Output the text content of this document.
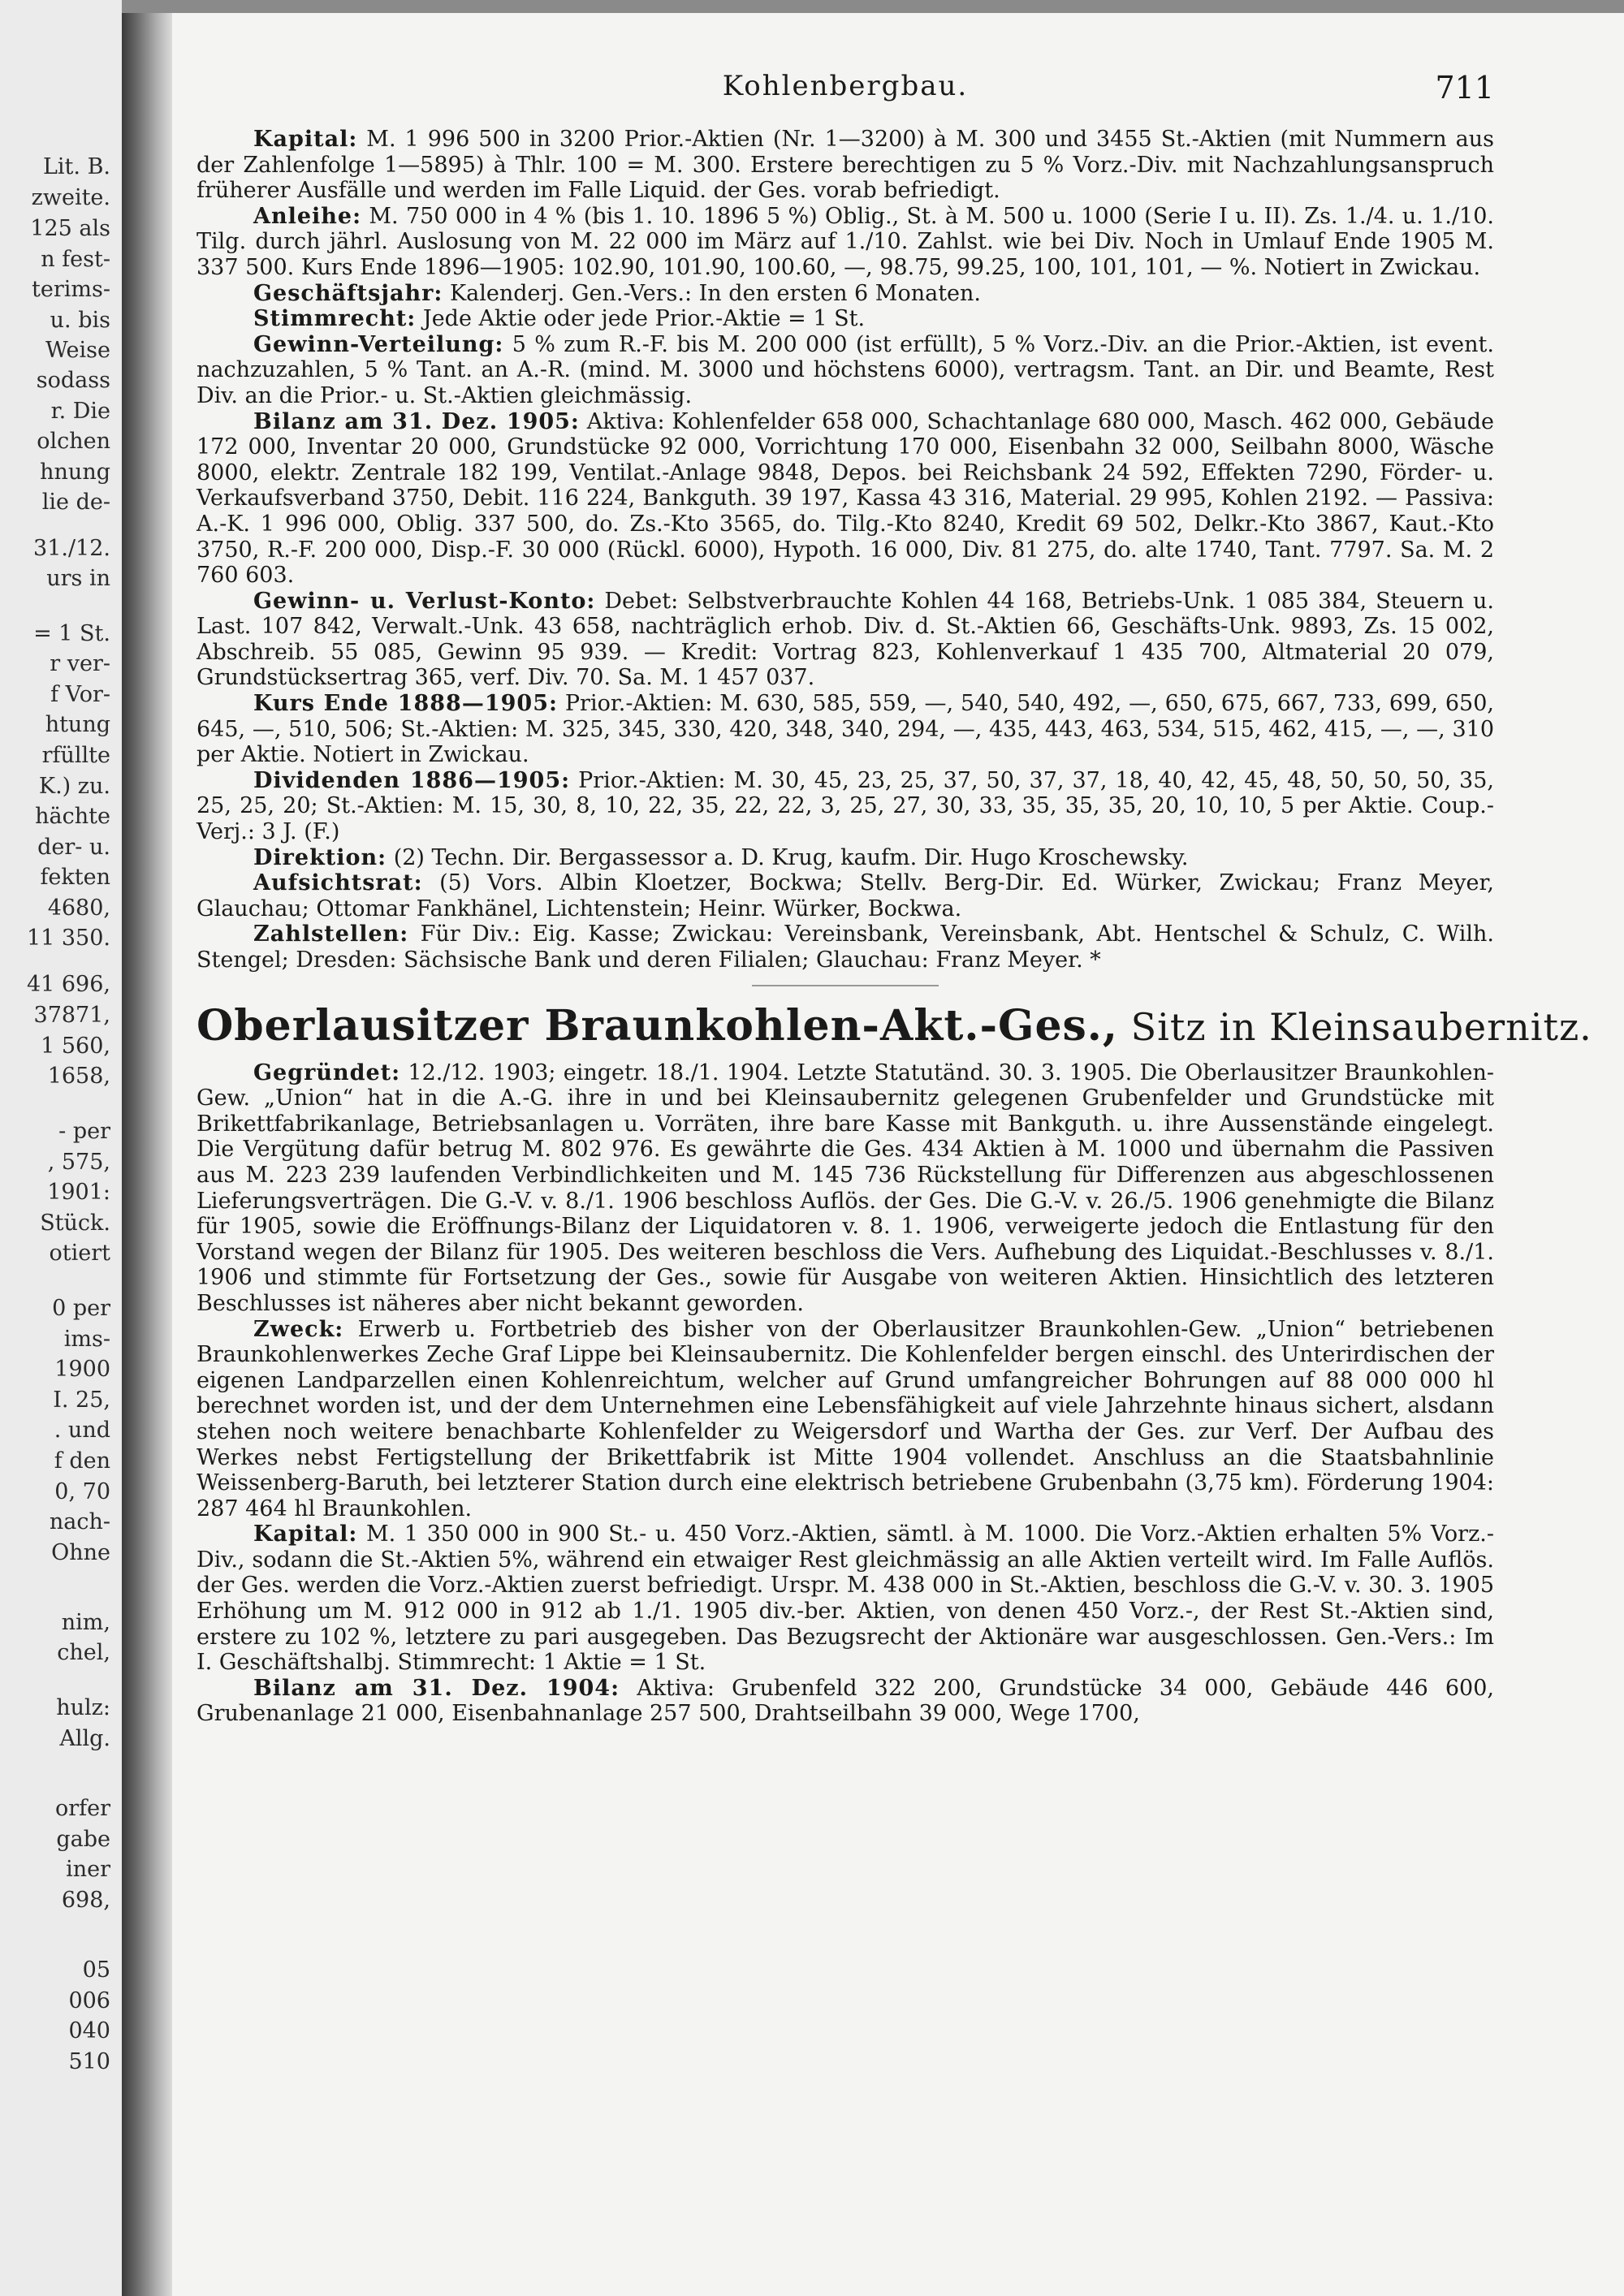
Lit. B.
zweite.
125 als
n fest-
terims-
u. bis
Weise
sodass
r. Die
olchen
hnung
lie de-
31./12.
urs in
= 1 St.
r ver-
f Vor-
htung
rfüllte
K.) zu.
hächte
der- u.
fekten
4680,
11 350.
41 696,
37871,
1 560,
1658,
- per
, 575,
1901:
Stück.
otiert
0 per
ims-
1900
I. 25,
. und
f den
0, 70
nach-
Ohne
nim,
chel,
hulz:
Allg.
orfer
gabe
iner
698,
05
006
040
510
Kohlenbergbau.	711

Kapital: M. 1 996 500 in 3200 Prior.-Aktien (Nr. 1—3200) à M. 300 und 3455 St.-Aktien (mit Nummern aus der Zahlenfolge 1—5895) à Thlr. 100 = M. 300. Erstere berechtigen zu 5 % Vorz.-Div. mit Nachzahlungsanspruch früherer Ausfälle und werden im Falle Liquid. der Ges. vorab befriedigt.

Anleihe: M. 750 000 in 4 % (bis 1. 10. 1896 5 %) Oblig., St. à M. 500 u. 1000 (Serie I u. II). Zs. 1./4. u. 1./10. Tilg. durch jährl. Auslosung von M. 22 000 im März auf 1./10. Zahlst. wie bei Div. Noch in Umlauf Ende 1905 M. 337 500. Kurs Ende 1896—1905: 102.90, 101.90, 100.60, —, 98.75, 99.25, 100, 101, 101, — %. Notiert in Zwickau.

Geschäftsjahr: Kalenderj. Gen.-Vers.: In den ersten 6 Monaten.

Stimmrecht: Jede Aktie oder jede Prior.-Aktie = 1 St.

Gewinn-Verteilung: 5 % zum R.-F. bis M. 200 000 (ist erfüllt), 5 % Vorz.-Div. an die Prior.-Aktien, ist event. nachzuzahlen, 5 % Tant. an A.-R. (mind. M. 3000 und höchstens 6000), vertragsm. Tant. an Dir. und Beamte, Rest Div. an die Prior.- u. St.-Aktien gleichmässig.

Bilanz am 31. Dez. 1905: Aktiva: Kohlenfelder 658 000, Schachtanlage 680 000, Masch. 462 000, Gebäude 172 000, Inventar 20 000, Grundstücke 92 000, Vorrichtung 170 000, Eisenbahn 32 000, Seilbahn 8000, Wäsche 8000, elektr. Zentrale 182 199, Ventilat.-Anlage 9848, Depos. bei Reichsbank 24 592, Effekten 7290, Förder- u. Verkaufsverband 3750, Debit. 116 224, Bankguth. 39 197, Kassa 43 316, Material. 29 995, Kohlen 2192. — Passiva: A.-K. 1 996 000, Oblig. 337 500, do. Zs.-Kto 3565, do. Tilg.-Kto 8240, Kredit 69 502, Delkr.-Kto 3867, Kaut.-Kto 3750, R.-F. 200 000, Disp.-F. 30 000 (Rückl. 6000), Hypoth. 16 000, Div. 81 275, do. alte 1740, Tant. 7797. Sa. M. 2 760 603.

Gewinn- u. Verlust-Konto: Debet: Selbstverbrauchte Kohlen 44 168, Betriebs-Unk. 1 085 384, Steuern u. Last. 107 842, Verwalt.-Unk. 43 658, nachträglich erhob. Div. d. St.-Aktien 66, Geschäfts-Unk. 9893, Zs. 15 002, Abschreib. 55 085, Gewinn 95 939. — Kredit: Vortrag 823, Kohlenverkauf 1 435 700, Altmaterial 20 079, Grundstücksertrag 365, verf. Div. 70. Sa. M. 1 457 037.

Kurs Ende 1888—1905: Prior.-Aktien: M. 630, 585, 559, —, 540, 540, 492, —, 650, 675, 667, 733, 699, 650, 645, —, 510, 506; St.-Aktien: M. 325, 345, 330, 420, 348, 340, 294, —, 435, 443, 463, 534, 515, 462, 415, —, —, 310 per Aktie. Notiert in Zwickau.

Dividenden 1886—1905: Prior.-Aktien: M. 30, 45, 23, 25, 37, 50, 37, 37, 18, 40, 42, 45, 48, 50, 50, 50, 35, 25, 25, 20; St.-Aktien: M. 15, 30, 8, 10, 22, 35, 22, 22, 3, 25, 27, 30, 33, 35, 35, 35, 20, 10, 10, 5 per Aktie. Coup.-Verj.: 3 J. (F.)

Direktion: (2) Techn. Dir. Bergassessor a. D. Krug, kaufm. Dir. Hugo Kroschewsky.

Aufsichtsrat: (5) Vors. Albin Kloetzer, Bockwa; Stellv. Berg-Dir. Ed. Würker, Zwickau; Franz Meyer, Glauchau; Ottomar Fankhänel, Lichtenstein; Heinr. Würker, Bockwa.

Zahlstellen: Für Div.: Eig. Kasse; Zwickau: Vereinsbank, Vereinsbank, Abt. Hentschel & Schulz, C. Wilh. Stengel; Dresden: Sächsische Bank und deren Filialen; Glauchau: Franz Meyer. *

Oberlausitzer Braunkohlen-Akt.-Ges., Sitz in Kleinsaubernitz.

Gegründet: 12./12. 1903; eingetr. 18./1. 1904. Letzte Statutänd. 30. 3. 1905. Die Oberlausitzer Braunkohlen-Gew. „Union“ hat in die A.-G. ihre in und bei Kleinsaubernitz gelegenen Grubenfelder und Grundstücke mit Brikettfabrikanlage, Betriebsanlagen u. Vorräten, ihre bare Kasse mit Bankguth. u. ihre Aussenstände eingelegt. Die Vergütung dafür betrug M. 802 976. Es gewährte die Ges. 434 Aktien à M. 1000 und übernahm die Passiven aus M. 223 239 laufenden Verbindlichkeiten und M. 145 736 Rückstellung für Differenzen aus abgeschlossenen Lieferungsverträgen. Die G.-V. v. 8./1. 1906 beschloss Auflös. der Ges. Die G.-V. v. 26./5. 1906 genehmigte die Bilanz für 1905, sowie die Eröffnungs-Bilanz der Liquidatoren v. 8. 1. 1906, verweigerte jedoch die Entlastung für den Vorstand wegen der Bilanz für 1905. Des weiteren beschloss die Vers. Aufhebung des Liquidat.-Beschlusses v. 8./1. 1906 und stimmte für Fortsetzung der Ges., sowie für Ausgabe von weiteren Aktien. Hinsichtlich des letzteren Beschlusses ist näheres aber nicht bekannt geworden.

Zweck: Erwerb u. Fortbetrieb des bisher von der Oberlausitzer Braunkohlen-Gew. „Union“ betriebenen Braunkohlenwerkes Zeche Graf Lippe bei Kleinsaubernitz. Die Kohlenfelder bergen einschl. des Unterirdischen der eigenen Landparzellen einen Kohlenreichtum, welcher auf Grund umfangreicher Bohrungen auf 88 000 000 hl berechnet worden ist, und der dem Unternehmen eine Lebensfähigkeit auf viele Jahrzehnte hinaus sichert, alsdann stehen noch weitere benachbarte Kohlenfelder zu Weigersdorf und Wartha der Ges. zur Verf. Der Aufbau des Werkes nebst Fertigstellung der Brikettfabrik ist Mitte 1904 vollendet. Anschluss an die Staatsbahnlinie Weissenberg-Baruth, bei letzterer Station durch eine elektrisch betriebene Grubenbahn (3,75 km). Förderung 1904: 287 464 hl Braunkohlen.

Kapital: M. 1 350 000 in 900 St.- u. 450 Vorz.-Aktien, sämtl. à M. 1000. Die Vorz.-Aktien erhalten 5% Vorz.-Div., sodann die St.-Aktien 5%, während ein etwaiger Rest gleichmässig an alle Aktien verteilt wird. Im Falle Auflös. der Ges. werden die Vorz.-Aktien zuerst befriedigt. Urspr. M. 438 000 in St.-Aktien, beschloss die G.-V. v. 30. 3. 1905 Erhöhung um M. 912 000 in 912 ab 1./1. 1905 div.-ber. Aktien, von denen 450 Vorz.-, der Rest St.-Aktien sind, erstere zu 102 %, letztere zu pari ausgegeben. Das Bezugsrecht der Aktionäre war ausgeschlossen. Gen.-Vers.: Im I. Geschäftshalbj. Stimmrecht: 1 Aktie = 1 St.

Bilanz am 31. Dez. 1904: Aktiva: Grubenfeld 322 200, Grundstücke 34 000, Gebäude 446 600, Grubenanlage 21 000, Eisenbahnanlage 257 500, Drahtseilbahn 39 000, Wege 1700,
